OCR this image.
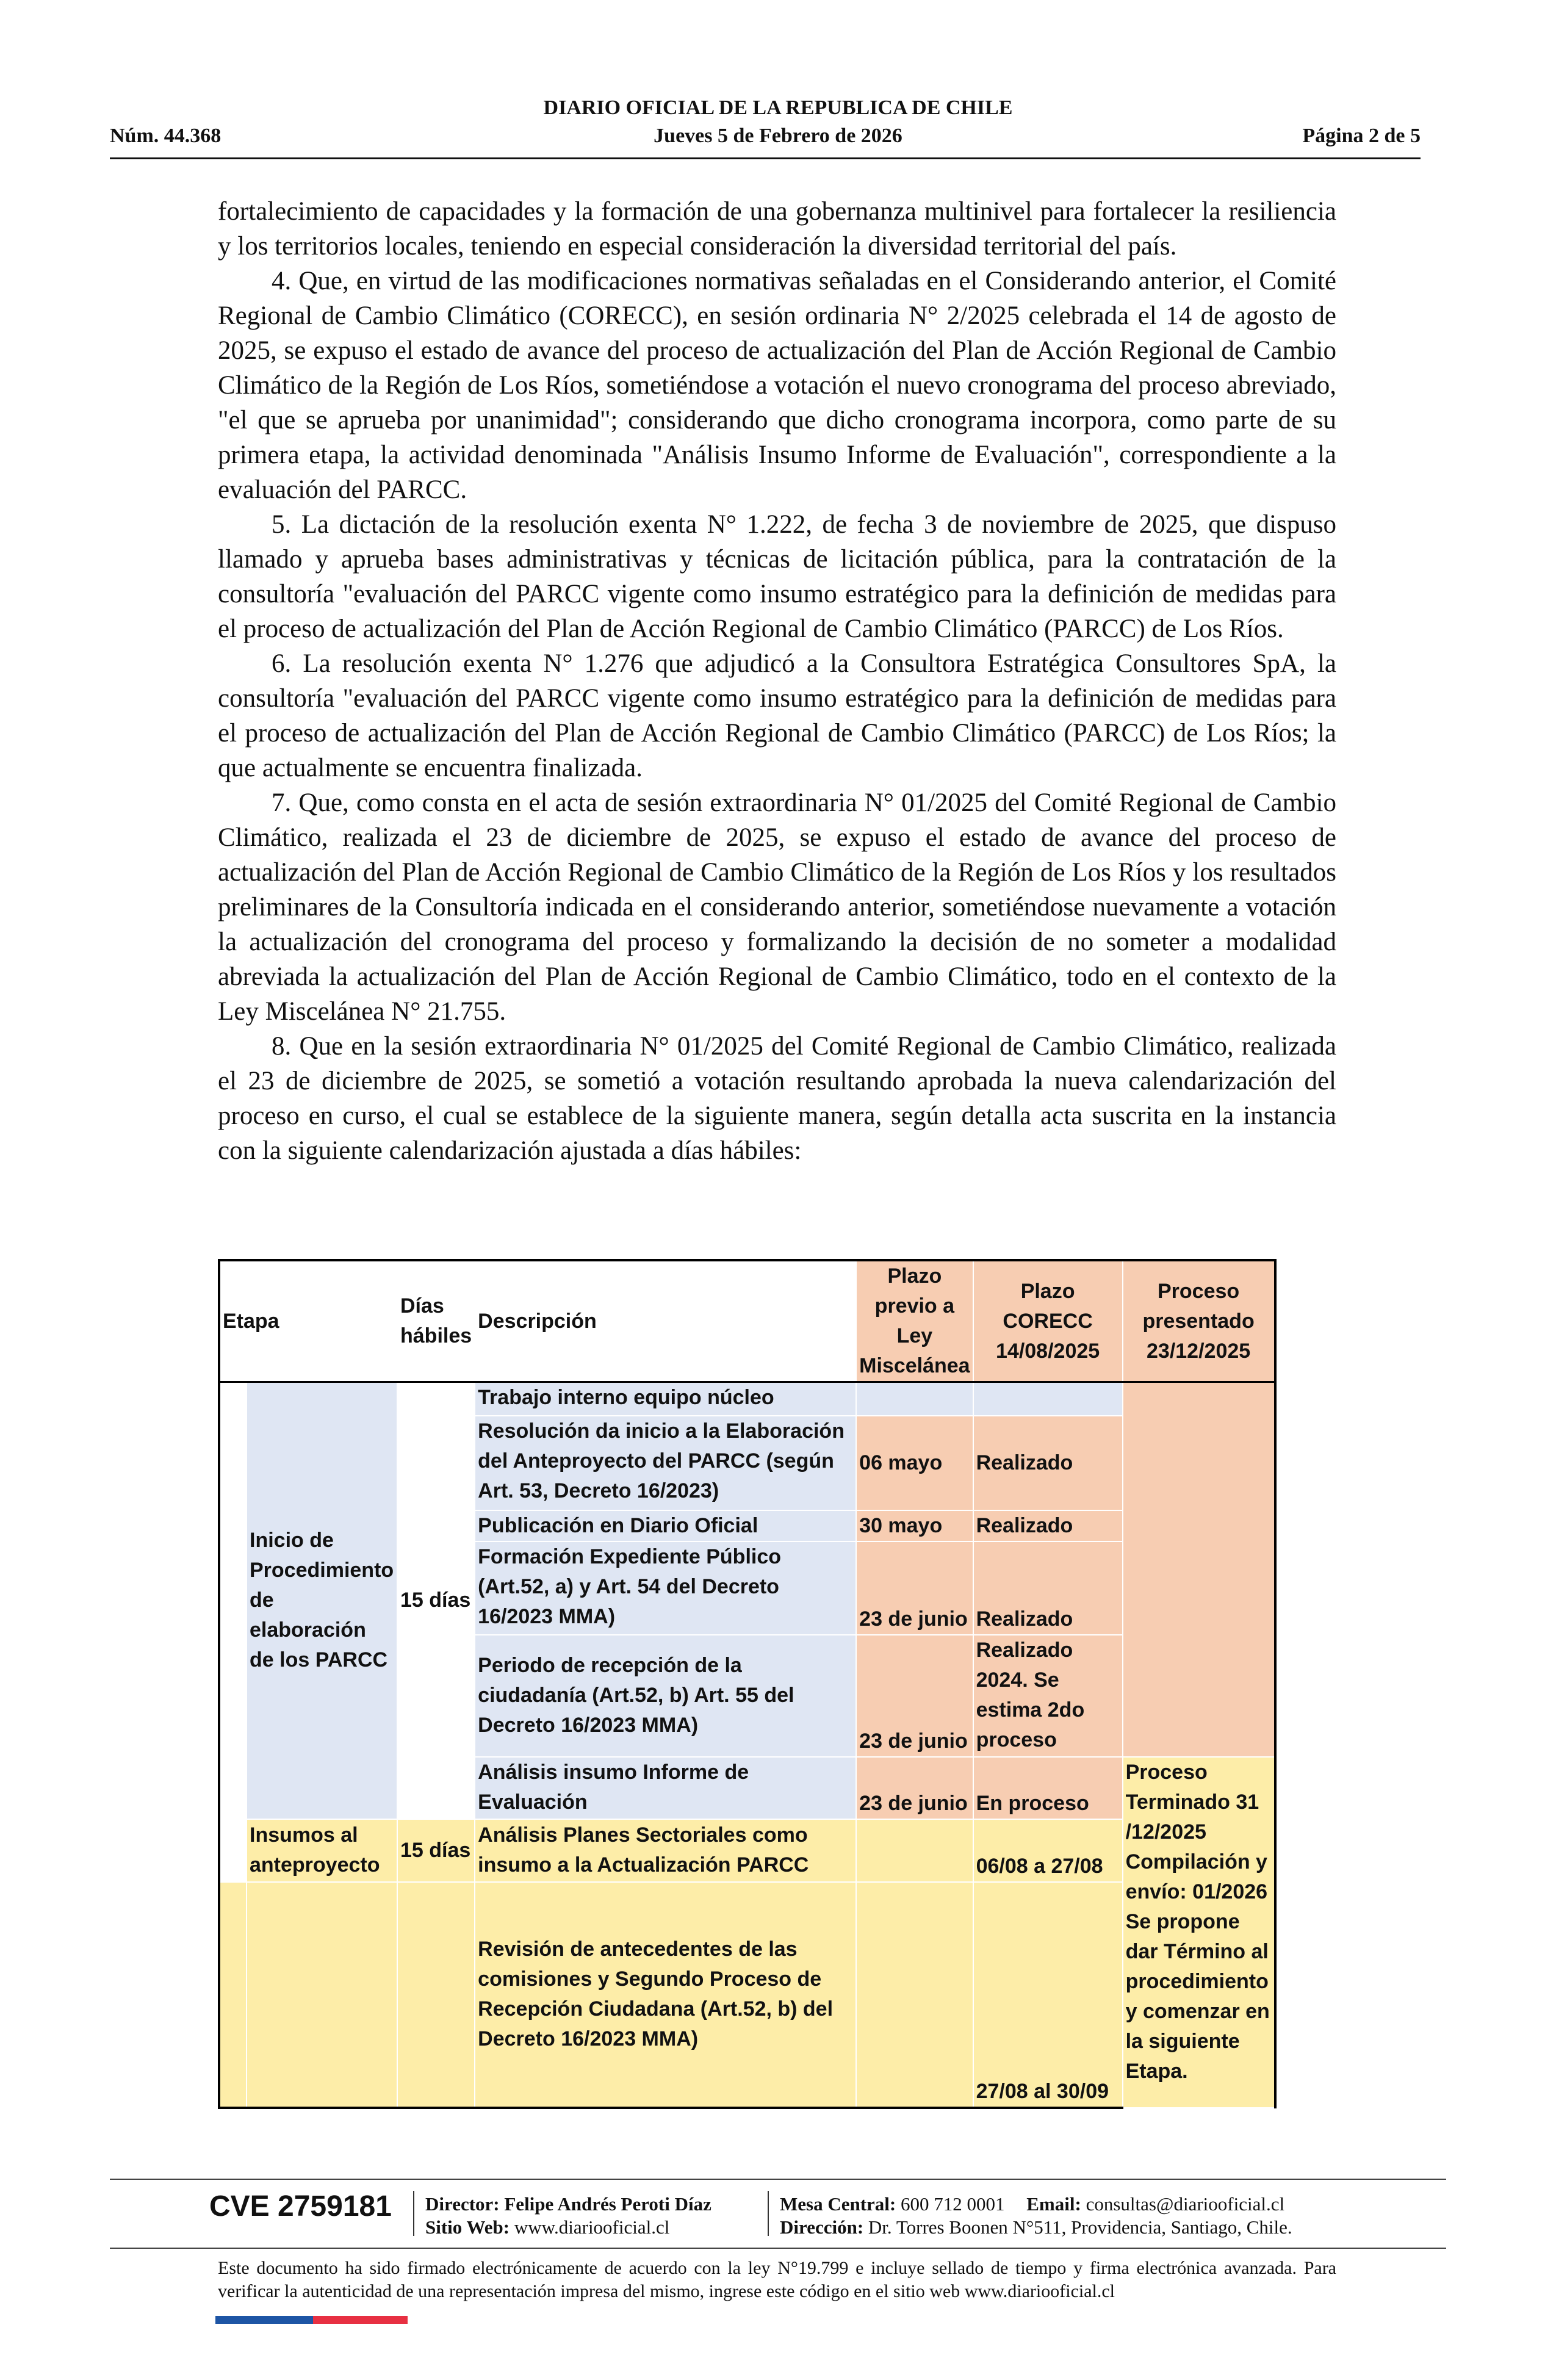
DIARIO OFICIAL DE LA REPUBLICA DE CHILE
Núm. 44.368	Jueves 5 de Febrero de 2026	Página 2 de 5

fortalecimiento de capacidades y la formación de una gobernanza multinivel para fortalecer la resiliencia y los territorios locales, teniendo en especial consideración la diversidad territorial del país.

4. Que, en virtud de las modificaciones normativas señaladas en el Considerando anterior, el Comité Regional de Cambio Climático (CORECC), en sesión ordinaria N° 2/2025 celebrada el 14 de agosto de 2025, se expuso el estado de avance del proceso de actualización del Plan de Acción Regional de Cambio Climático de la Región de Los Ríos, sometiéndose a votación el nuevo cronograma del proceso abreviado, "el que se aprueba por unanimidad"; considerando que dicho cronograma incorpora, como parte de su primera etapa, la actividad denominada "Análisis Insumo Informe de Evaluación", correspondiente a la evaluación del PARCC.

5. La dictación de la resolución exenta N° 1.222, de fecha 3 de noviembre de 2025, que dispuso llamado y aprueba bases administrativas y técnicas de licitación pública, para la contratación de la consultoría "evaluación del PARCC vigente como insumo estratégico para la definición de medidas para el proceso de actualización del Plan de Acción Regional de Cambio Climático (PARCC) de Los Ríos.

6. La resolución exenta N° 1.276 que adjudicó a la Consultora Estratégica Consultores SpA, la consultoría "evaluación del PARCC vigente como insumo estratégico para la definición de medidas para el proceso de actualización del Plan de Acción Regional de Cambio Climático (PARCC) de Los Ríos; la que actualmente se encuentra finalizada.

7. Que, como consta en el acta de sesión extraordinaria N° 01/2025 del Comité Regional de Cambio Climático, realizada el 23 de diciembre de 2025, se expuso el estado de avance del proceso de actualización del Plan de Acción Regional de Cambio Climático de la Región de Los Ríos y los resultados preliminares de la Consultoría indicada en el considerando anterior, sometiéndose nuevamente a votación la actualización del cronograma del proceso y formalizando la decisión de no someter a modalidad abreviada la actualización del Plan de Acción Regional de Cambio Climático, todo en el contexto de la Ley Miscelánea N° 21.755.

8. Que en la sesión extraordinaria N° 01/2025 del Comité Regional de Cambio Climático, realizada el 23 de diciembre de 2025, se sometió a votación resultando aprobada la nueva calendarización del proceso en curso, el cual se establece de la siguiente manera, según detalla acta suscrita en la instancia con la siguiente calendarización ajustada a días hábiles:

Etapa		Días hábiles	Descripción	Plazo previo a Ley Miscelánea	Plazo CORECC 14/08/2025	Proceso presentado 23/12/2025
	Inicio de Procedimiento de elaboración de los PARCC	15 días	Trabajo interno equipo núcleo			
			Resolución da inicio a la Elaboración del Anteproyecto del PARCC (según Art. 53, Decreto 16/2023)	06 mayo	Realizado	
			Publicación en Diario Oficial	30 mayo	Realizado	
			Formación Expediente Público (Art.52, a) y Art. 54 del Decreto 16/2023 MMA)	23 de junio	Realizado	
			Periodo de recepción de la ciudadanía (Art.52, b) Art. 55 del Decreto 16/2023 MMA)	23 de junio	Realizado 2024. Se estima 2do proceso	
			Análisis insumo Informe de Evaluación	23 de junio	En proceso	Proceso Terminado 31 /12/2025 Compilación y envío: 01/2026 Se propone dar Término al procedimiento y comenzar en la siguiente Etapa.
	Insumos al anteproyecto	15 días	Análisis Planes Sectoriales como insumo a la Actualización PARCC		06/08 a 27/08	
			Revisión de antecedentes de las comisiones y Segundo Proceso de Recepción Ciudadana (Art.52, b) del Decreto 16/2023 MMA)		27/08 al 30/09	
CVE 2759181 Director: Felipe Andrés Peroti Díaz
Sitio Web: www.diariooficial.cl
Mesa Central: 600 712 0001 Email: consultas@diariooficial.cl
Dirección: Dr. Torres Boonen N°511, Providencia, Santiago, Chile.
Este documento ha sido firmado electrónicamente de acuerdo con la ley N°19.799 e incluye sellado de tiempo y firma electrónica avanzada. Para verificar la autenticidad de una representación impresa del mismo, ingrese este código en el sitio web www.diariooficial.cl
